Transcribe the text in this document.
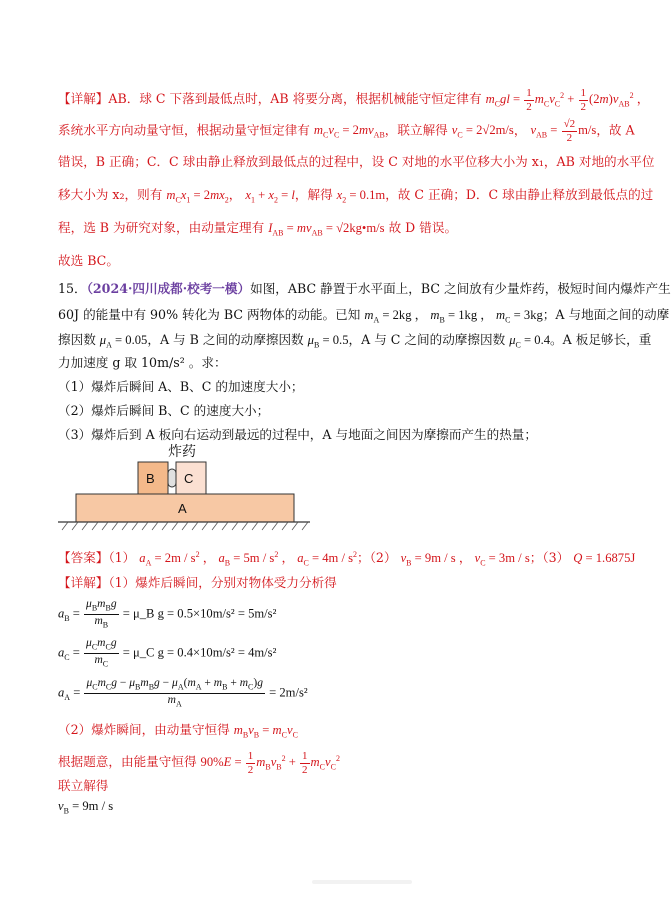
【详解】AB．球 C 下落到最低点时，AB 将要分离，根据机械能守恒定律有 $m_Cgl = \frac{1}{2} m_Cv_C^2 + \frac{1}{2} (2m)v_{AB}^2$ ，
系统水平方向动量守恒，根据动量守恒定律有 $m_Cv_C = 2mv_{AB}$，联立解得 $v_C = 2√2m/s$， $v_{AB} = \frac{√2}{2} m/s$，故 A
错误，B 正确；C．C 球由静止释放到最低点的过程中，设 C 对地的水平位移大小为 x₁，AB 对地的水平位
移大小为 x₂，则有 $m_Cx_1 = 2mx_2$， $x_1 + x_2 = l$，解得 $x_2 = 0.1m$，故 C 正确；D．C 球由静止释放到最低点的过
程，选 B 为研究对象，由动量定理有 $I_{AB} = mv_{AB}$ = √2kg•m/s 故 D 错误。
故选 BC。
15．（2024·四川成都·校考一模）如图，ABC 静置于水平面上，BC 之间放有少量炸药，极短时间内爆炸产生
60J 的能量中有 90% 转化为 BC 两物体的动能。已知 $m_A = 2kg$ ， $m_B = 1kg$ ， $m_C = 3kg$；A 与地面之间的动摩
擦因数 $\mu_A = 0.05$，A 与 B 之间的动摩擦因数 $\mu_B = 0.5$，A 与 C 之间的动摩擦因数 $\mu_C = 0.4$。A 板足够长，重
力加速度 g 取 10m/s² 。求：
（1）爆炸后瞬间 A、B、C 的加速度大小；
（2）爆炸后瞬间 B、C 的速度大小；
（3）爆炸后到 A 板向右运动到最远的过程中，A 与地面之间因为摩擦而产生的热量；
炸药
B C
A
【答案】（1） $a_A = 2m / s^2$ ， $a_B = 5m / s^2$ ， $a_C = 4m / s^2$；（2） $v_B = 9m / s$ ， $v_C = 3m / s$；（3） Q = 1.6875J
【详解】（1）爆炸后瞬间，分别对物体受力分析得
$a_B = \frac{\mu_Bm_Bg}{m_B}$ = μ_B g = 0.5×10m/s² = 5m/s²
$a_C = \frac{\mu_Cm_Cg}{m_C}$ = μ_C g = 0.4×10m/s² = 4m/s²
$a_A = \frac{\mu_Cm_Cg - \mu_Bm_Bg - \mu_A(m_A + m_B + m_C)g}{m_A} = 2m/s^2$
（2）爆炸瞬间，由动量守恒得 $m_Bv_B = m_Cv_C$
根据题意，由能量守恒得 $90\%E = \frac{1}{2} m_Bv_B^2 + \frac{1}{2} m_Cv_C^2$
联立解得
$v_B = 9m / s$
